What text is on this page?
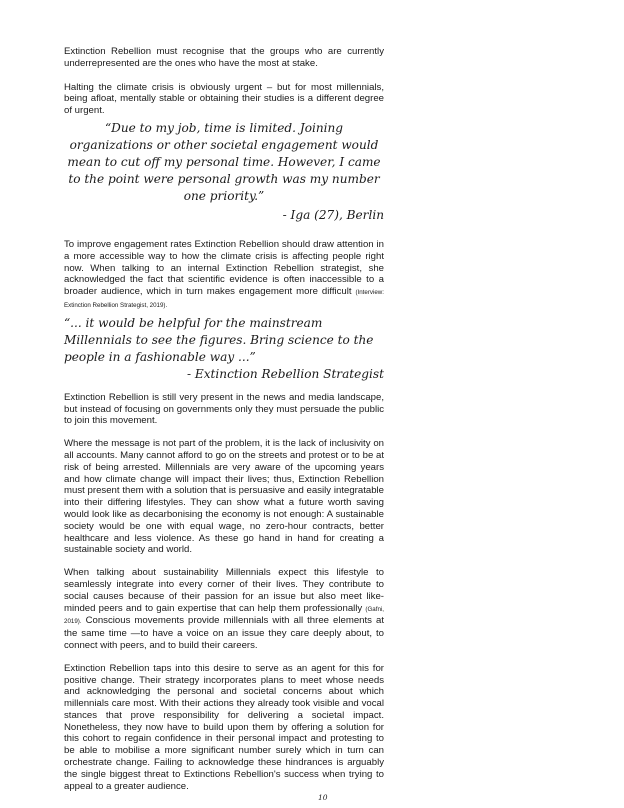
Extinction Rebellion must recognise that the groups who are currently underrepresented are the ones who have the most at stake.

Halting the climate crisis is obviously urgent – but for most millennials, being afloat, mentally stable or obtaining their studies is a different degree of urgent.

“Due to my job, time is limited. Joining organizations or other societal engagement would mean to cut off my personal time. However, I came to the point were personal growth was my number one priority.”

- Iga (27), Berlin

To improve engagement rates Extinction Rebellion should draw attention in a more accessible way to how the climate crisis is affecting people right now. When talking to an internal Extinction Rebellion strategist, she acknowledged the fact that scientific evidence is often inaccessible to a broader audience, which in turn makes engagement more difficult (Interview: Extinction Rebellion Strategist, 2019).

“... it would be helpful for the mainstream Millennials to see the figures. Bring science to the people in a fashionable way ...”

- Extinction Rebellion Strategist

Extinction Rebellion is still very present in the news and media landscape, but instead of focusing on governments only they must persuade the public to join this movement.

Where the message is not part of the problem, it is the lack of inclusivity on all accounts. Many cannot afford to go on the streets and protest or to be at risk of being arrested. Millennials are very aware of the upcoming years and how climate change will impact their lives; thus, Extinction Rebellion must present them with a solution that is persuasive and easily integratable into their differing lifestyles. They can show what a future worth saving would look like as decarbonising the economy is not enough: A sustainable society would be one with equal wage, no zero-hour contracts, better healthcare and less violence. As these go hand in hand for creating a sustainable society and world.

When talking about sustainability Millennials expect this lifestyle to seamlessly integrate into every corner of their lives. They contribute to social causes because of their passion for an issue but also meet like-minded peers and to gain expertise that can help them professionally (Gafni, 2019). Conscious movements provide millennials with all three elements at the same time —to have a voice on an issue they care deeply about, to connect with peers, and to build their careers.

Extinction Rebellion taps into this desire to serve as an agent for this for positive change. Their strategy incorporates plans to meet whose needs and acknowledging the personal and societal concerns about which millennials care most. With their actions they already took visible and vocal stances that prove responsibility for delivering a societal impact. Nonetheless, they now have to build upon them by offering a solution for this cohort to regain confidence in their personal impact and protesting to be able to mobilise a more significant number surely which in turn can orchestrate change. Failing to acknowledge these hindrances is arguably the single biggest threat to Extinctions Rebellion's success when trying to appeal to a greater audience.

10
